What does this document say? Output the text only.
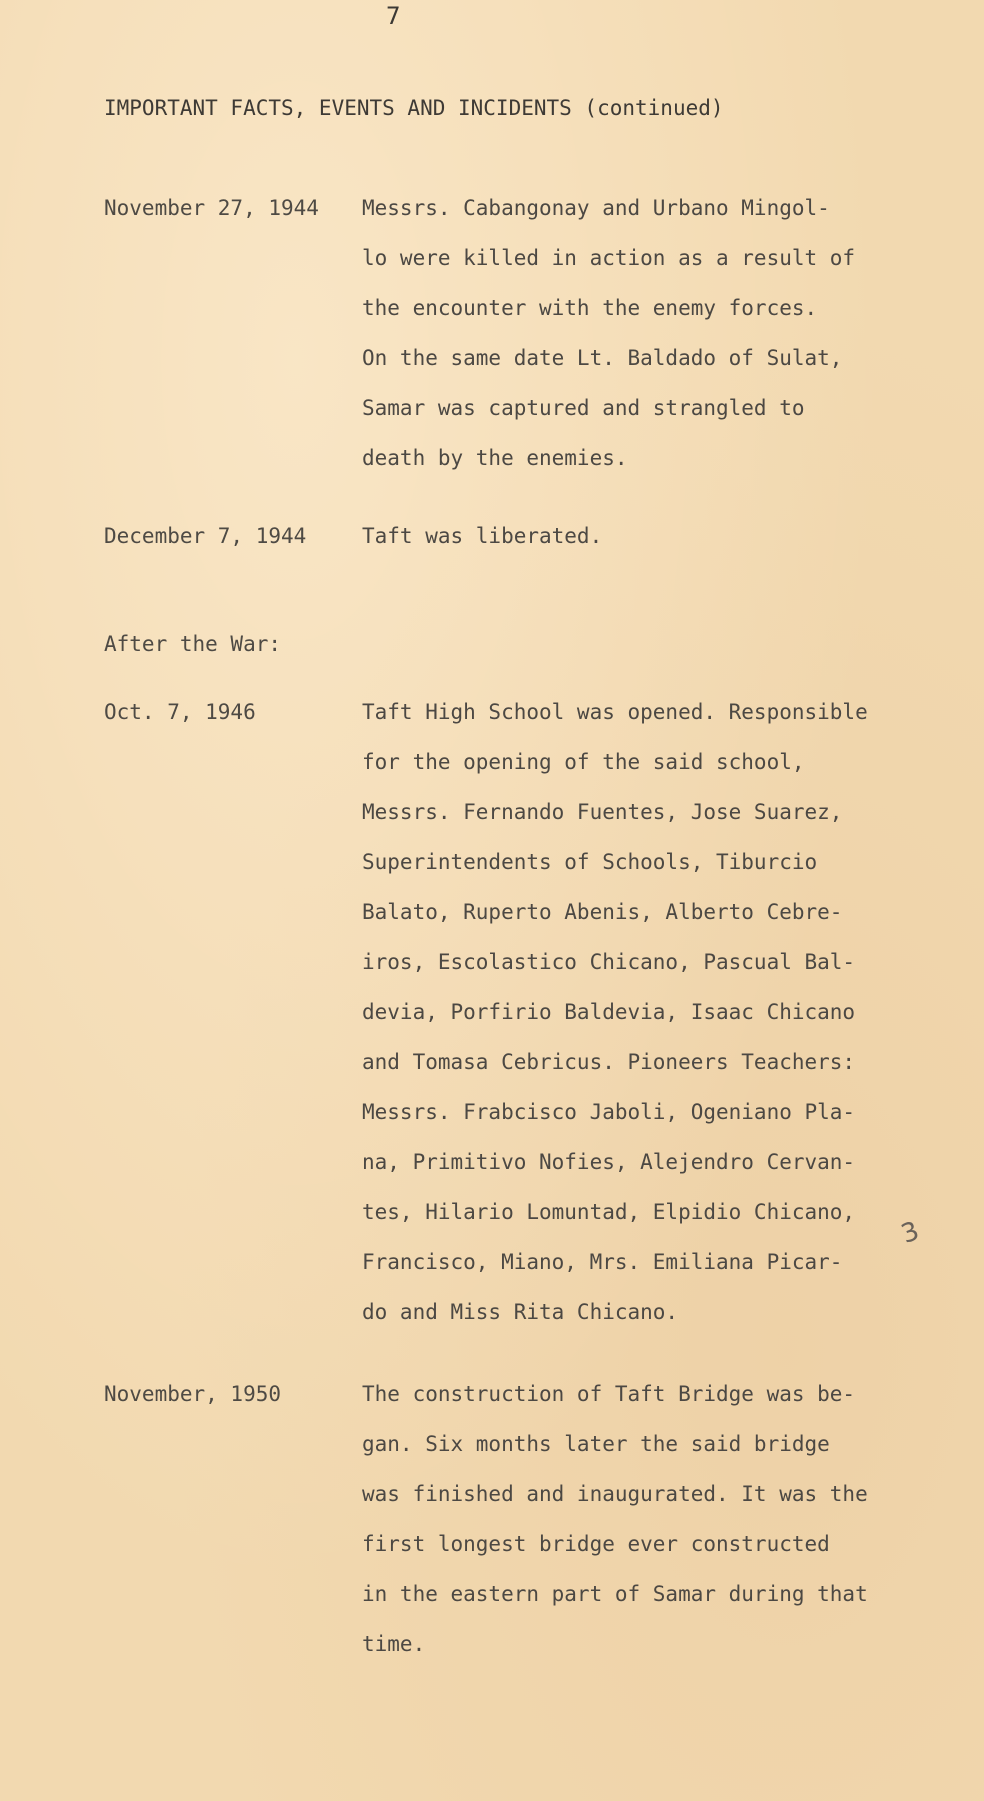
7
IMPORTANT FACTS, EVENTS AND INCIDENTS (continued)
November 27, 1944 Messrs. Cabangonay and Urbano Mingol-
lo were killed in action as a result of
the encounter with the enemy forces.
On the same date Lt. Baldado of Sulat,
Samar was captured and strangled to
death by the enemies.
December 7, 1944	Taft was liberated.
After the War:
Oct. 7, 1946	Taft High School was opened. Responsible
for the opening of the said school,
Messrs. Fernando Fuentes, Jose Suarez,
Superintendents of Schools, Tiburcio
Balato, Ruperto Abenis, Alberto Cebre-
iros, Escolastico Chicano, Pascual Bal-
devia, Porfirio Baldevia, Isaac Chicano
and Tomasa Cebricus. Pioneers Teachers:
Messrs. Frabcisco Jaboli, Ogeniano Pla-
na, Primitivo Nofies, Alejendro Cervan-
tes, Hilario Lomuntad, Elpidio Chicano,
Francisco, Miano, Mrs. Emiliana Picar-
do and Miss Rita Chicano.
3
November, 1950	The construction of Taft Bridge was be-
gan. Six months later the said bridge
was finished and inaugurated. It was the
first longest bridge ever constructed
in the eastern part of Samar during that
time.
